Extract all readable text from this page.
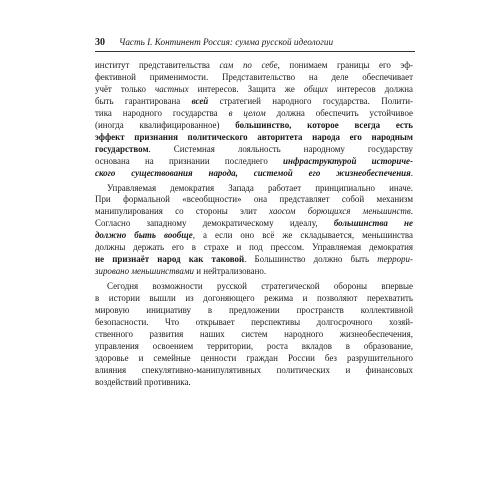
30 Часть I. Континент Россия: сумма русской идеологии
институт представительства сам по себе, понимаем границы его эф-
фективной применимости. Представительство на деле обеспечивает
учёт только частных интересов. Защита же общих интересов должна
быть гарантирована всей стратегией народного государства. Полити-
тика народного государства в целом должна обеспечить устойчивое
(иногда квалифицированное) большинство, которое всегда есть
эффект признания политического авторитета народа его народным
государством. Системная лояльность народному государству
основана на признании последнего инфраструктурой историче-
ского существования народа, системой его жизнеобеспечения.
Управляемая демократия Запада работает принципиально иначе.
При формальной «всеобщности» она представляет собой механизм
манипулирования со стороны элит хаосом борющихся меньшинств.
Согласно западному демократическому идеалу, большинства не
должно быть вообще, а если оно всё же складывается, меньшинства
должны держать его в страхе и под прессом. Управляемая демократия
не признаёт народ как таковой. Большинство должно быть террори-
зировано меньшинствами и нейтрализовано.
Сегодня возможности русской стратегической обороны впервые
в истории вышли из догоняющего режима и позволяют перехватить
мировую инициативу в предложении пространств коллективной
безопасности. Что открывает перспективы долгосрочного хозяй-
ственного развития наших систем народного жизнеобеспечения,
управления освоением территории, роста вкладов в образование,
здоровье и семейные ценности граждан России без разрушительного
влияния спекулятивно-манипулятивных политических и финансовых
воздействий противника.
